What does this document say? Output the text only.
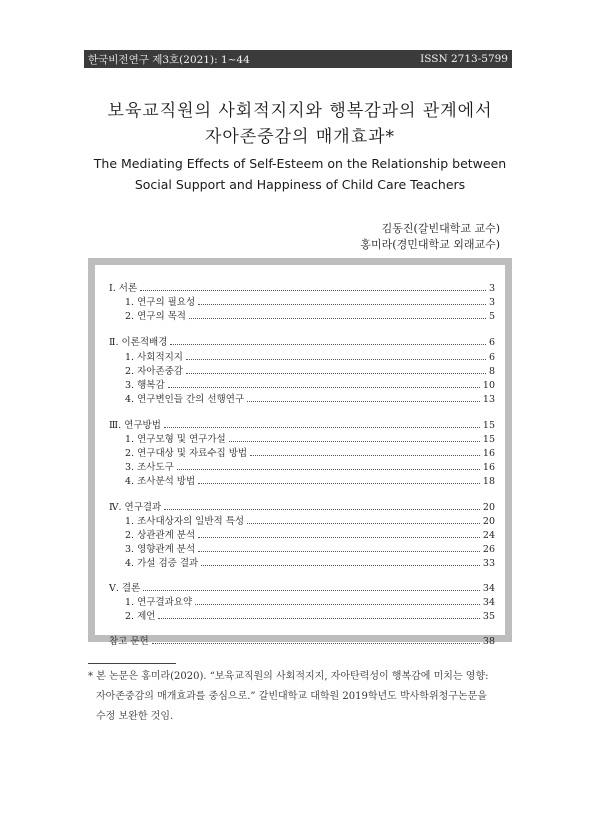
한국비전연구 제3호(2021): 1~44	ISSN 2713-5799
보육교직원의 사회적지지와 행복감과의 관계에서
자아존중감의 매개효과*
The Mediating Effects of Self-Esteem on the Relationship between
Social Support and Happiness of Child Care Teachers
김동진(갈빈대학교 교수)
홍미라(경민대학교 외래교수)
Ⅰ. 서론	3
1. 연구의 필요성	3
2. 연구의 목적	5
Ⅱ. 이론적배경	6
1. 사회적지지	6
2. 자아존중감	8
3. 행복감	10
4. 연구변인들 간의 선행연구	13
Ⅲ. 연구방법	15
1. 연구모형 및 연구가설	15
2. 연구대상 및 자료수집 방법	16
3. 조사도구	16
4. 조사분석 방법	18
Ⅳ. 연구결과	20
1. 조사대상자의 일반적 특성	20
2. 상관관계 분석	24
3. 영향관계 분석	26
4. 가설 검증 결과	33
Ⅴ. 결론	34
1. 연구결과요약	34
2. 제언	35
참고 문헌	38
* 본 논문은 홍미라(2020). “보육교직원의 사회적지지, 자아탄력성이 행복감에 미치는 영향:
자아존중감의 매개효과를 중심으로.” 갈빈대학교 대학원 2019학년도 박사학위청구논문을
수정 보완한 것임.
